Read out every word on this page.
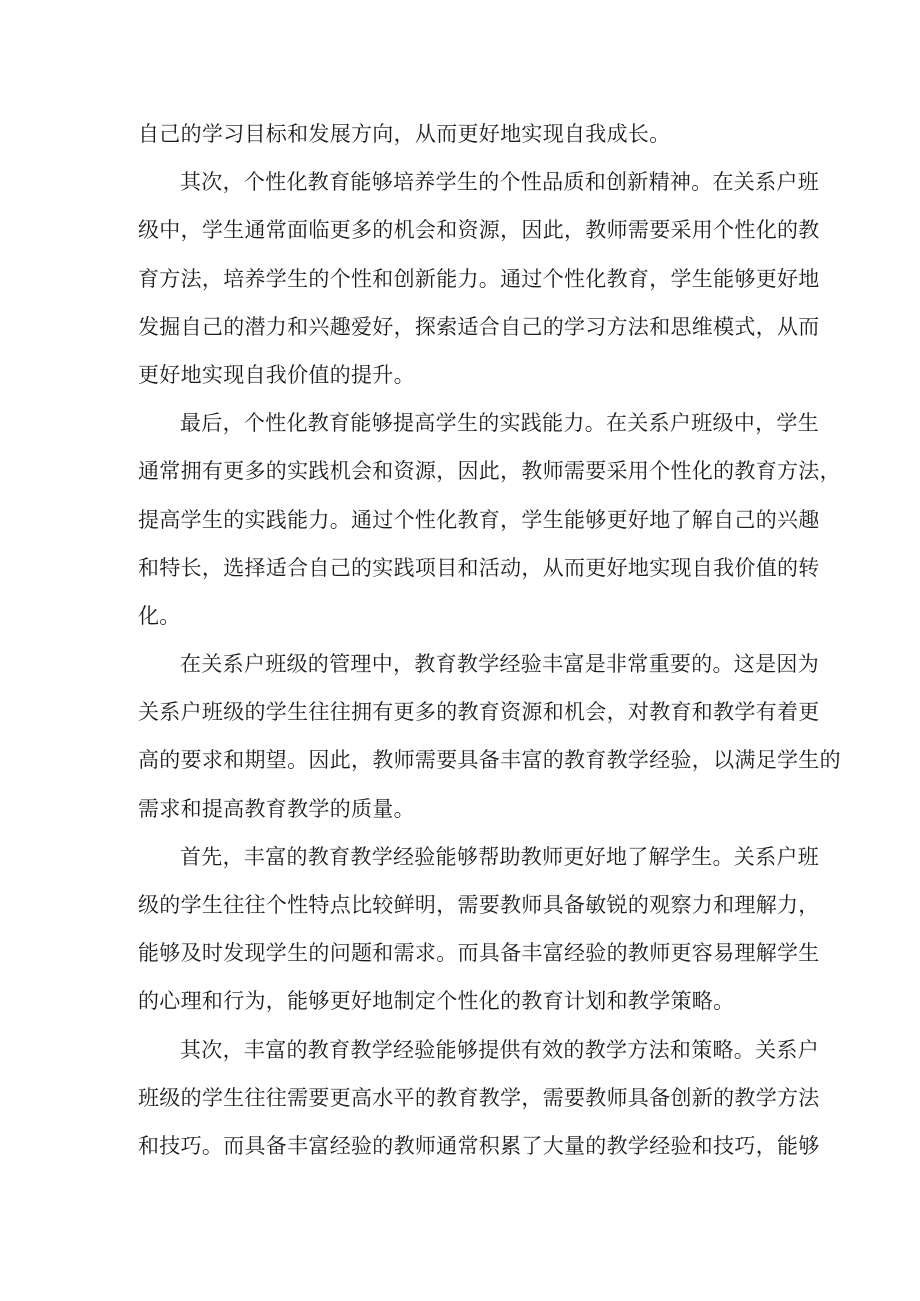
自己的学习目标和发展方向，从而更好地实现自我成长。
其次，个性化教育能够培养学生的个性品质和创新精神。在关系户班
级中，学生通常面临更多的机会和资源，因此，教师需要采用个性化的教
育方法，培养学生的个性和创新能力。通过个性化教育，学生能够更好地
发掘自己的潜力和兴趣爱好，探索适合自己的学习方法和思维模式，从而
更好地实现自我价值的提升。
最后，个性化教育能够提高学生的实践能力。在关系户班级中，学生
通常拥有更多的实践机会和资源，因此，教师需要采用个性化的教育方法，
提高学生的实践能力。通过个性化教育，学生能够更好地了解自己的兴趣
和特长，选择适合自己的实践项目和活动，从而更好地实现自我价值的转
化。
在关系户班级的管理中，教育教学经验丰富是非常重要的。这是因为
关系户班级的学生往往拥有更多的教育资源和机会，对教育和教学有着更
高的要求和期望。因此，教师需要具备丰富的教育教学经验，以满足学生的
需求和提高教育教学的质量。
首先，丰富的教育教学经验能够帮助教师更好地了解学生。关系户班
级的学生往往个性特点比较鲜明，需要教师具备敏锐的观察力和理解力，
能够及时发现学生的问题和需求。而具备丰富经验的教师更容易理解学生
的心理和行为，能够更好地制定个性化的教育计划和教学策略。
其次，丰富的教育教学经验能够提供有效的教学方法和策略。关系户
班级的学生往往需要更高水平的教育教学，需要教师具备创新的教学方法
和技巧。而具备丰富经验的教师通常积累了大量的教学经验和技巧，能够
